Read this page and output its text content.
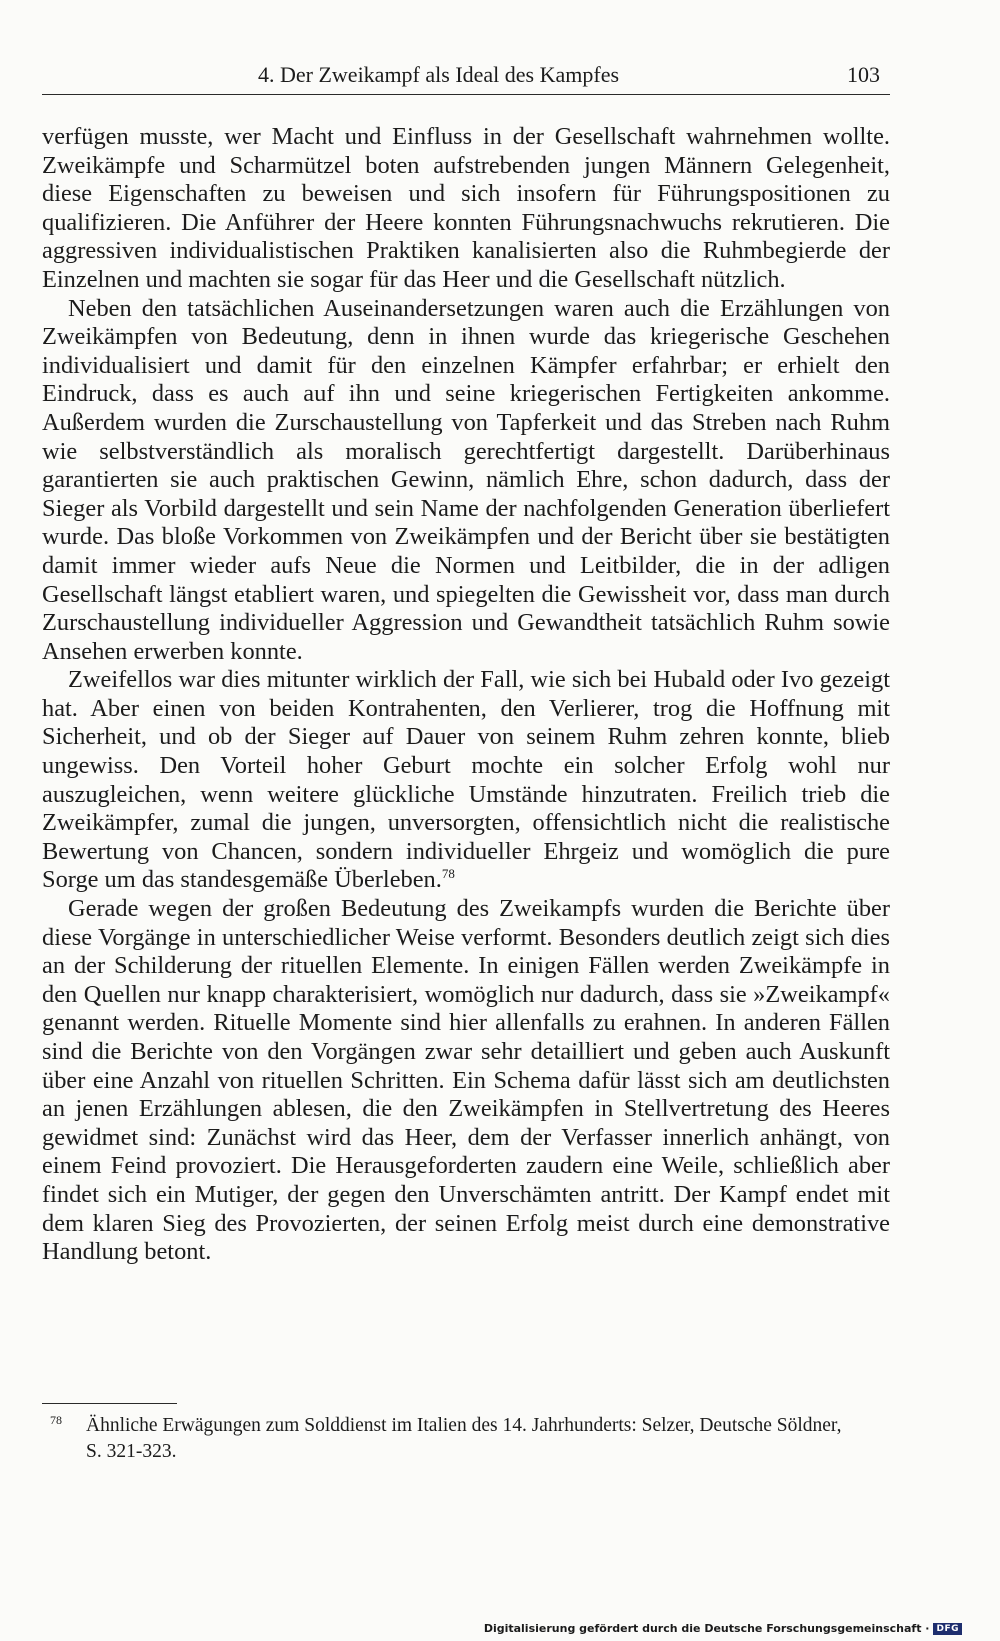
4. Der Zweikampf als Ideal des Kampfes	103

verfügen musste, wer Macht und Einfluss in der Gesellschaft wahrnehmen wollte. Zweikämpfe und Scharmützel boten aufstrebenden jungen Männern Gelegenheit, diese Eigenschaften zu beweisen und sich insofern für Führungspositionen zu qualifizieren. Die Anführer der Heere konnten Führungsnachwuchs rekrutieren. Die aggressiven individualistischen Praktiken kanalisierten also die Ruhmbegierde der Einzelnen und machten sie sogar für das Heer und die Gesellschaft nützlich.

Neben den tatsächlichen Auseinandersetzungen waren auch die Erzählungen von Zweikämpfen von Bedeutung, denn in ihnen wurde das kriegerische Geschehen individualisiert und damit für den einzelnen Kämpfer erfahrbar; er erhielt den Eindruck, dass es auch auf ihn und seine kriegerischen Fertigkeiten ankomme. Außerdem wurden die Zurschaustellung von Tapferkeit und das Streben nach Ruhm wie selbstverständlich als moralisch gerechtfertigt dargestellt. Darüberhinaus garantierten sie auch praktischen Gewinn, nämlich Ehre, schon dadurch, dass der Sieger als Vorbild dargestellt und sein Name der nachfolgenden Generation überliefert wurde. Das bloße Vorkommen von Zweikämpfen und der Bericht über sie bestätigten damit immer wieder aufs Neue die Normen und Leitbilder, die in der adligen Gesellschaft längst etabliert waren, und spiegelten die Gewissheit vor, dass man durch Zurschaustellung individueller Aggression und Gewandtheit tatsächlich Ruhm sowie Ansehen erwerben konnte.

Zweifellos war dies mitunter wirklich der Fall, wie sich bei Hubald oder Ivo gezeigt hat. Aber einen von beiden Kontrahenten, den Verlierer, trog die Hoffnung mit Sicherheit, und ob der Sieger auf Dauer von seinem Ruhm zehren konnte, blieb ungewiss. Den Vorteil hoher Geburt mochte ein solcher Erfolg wohl nur auszugleichen, wenn weitere glückliche Umstände hinzutraten. Freilich trieb die Zweikämpfer, zumal die jungen, unversorgten, offensichtlich nicht die realistische Bewertung von Chancen, sondern individueller Ehrgeiz und womöglich die pure Sorge um das standesgemäße Überleben.$^{78}$

Gerade wegen der großen Bedeutung des Zweikampfs wurden die Berichte über diese Vorgänge in unterschiedlicher Weise verformt. Besonders deutlich zeigt sich dies an der Schilderung der rituellen Elemente. In einigen Fällen werden Zweikämpfe in den Quellen nur knapp charakterisiert, womöglich nur dadurch, dass sie »Zweikampf« genannt werden. Rituelle Momente sind hier allenfalls zu erahnen. In anderen Fällen sind die Berichte von den Vorgängen zwar sehr detailliert und geben auch Auskunft über eine Anzahl von rituellen Schritten. Ein Schema dafür lässt sich am deutlichsten an jenen Erzählungen ablesen, die den Zweikämpfen in Stellvertretung des Heeres gewidmet sind: Zunächst wird das Heer, dem der Verfasser innerlich anhängt, von einem Feind provoziert. Die Herausgeforderten zaudern eine Weile, schließlich aber findet sich ein Mutiger, der gegen den Unverschämten antritt. Der Kampf endet mit dem klaren Sieg des Provozierten, der seinen Erfolg meist durch eine demonstrative Handlung betont.

78 Ähnliche Erwägungen zum Solddienst im Italien des 14. Jahrhunderts: Selzer, Deutsche Söldner,
S. 321-323.
Digitalisierung gefördert durch die Deutsche Forschungsgemeinschaft · DFG
